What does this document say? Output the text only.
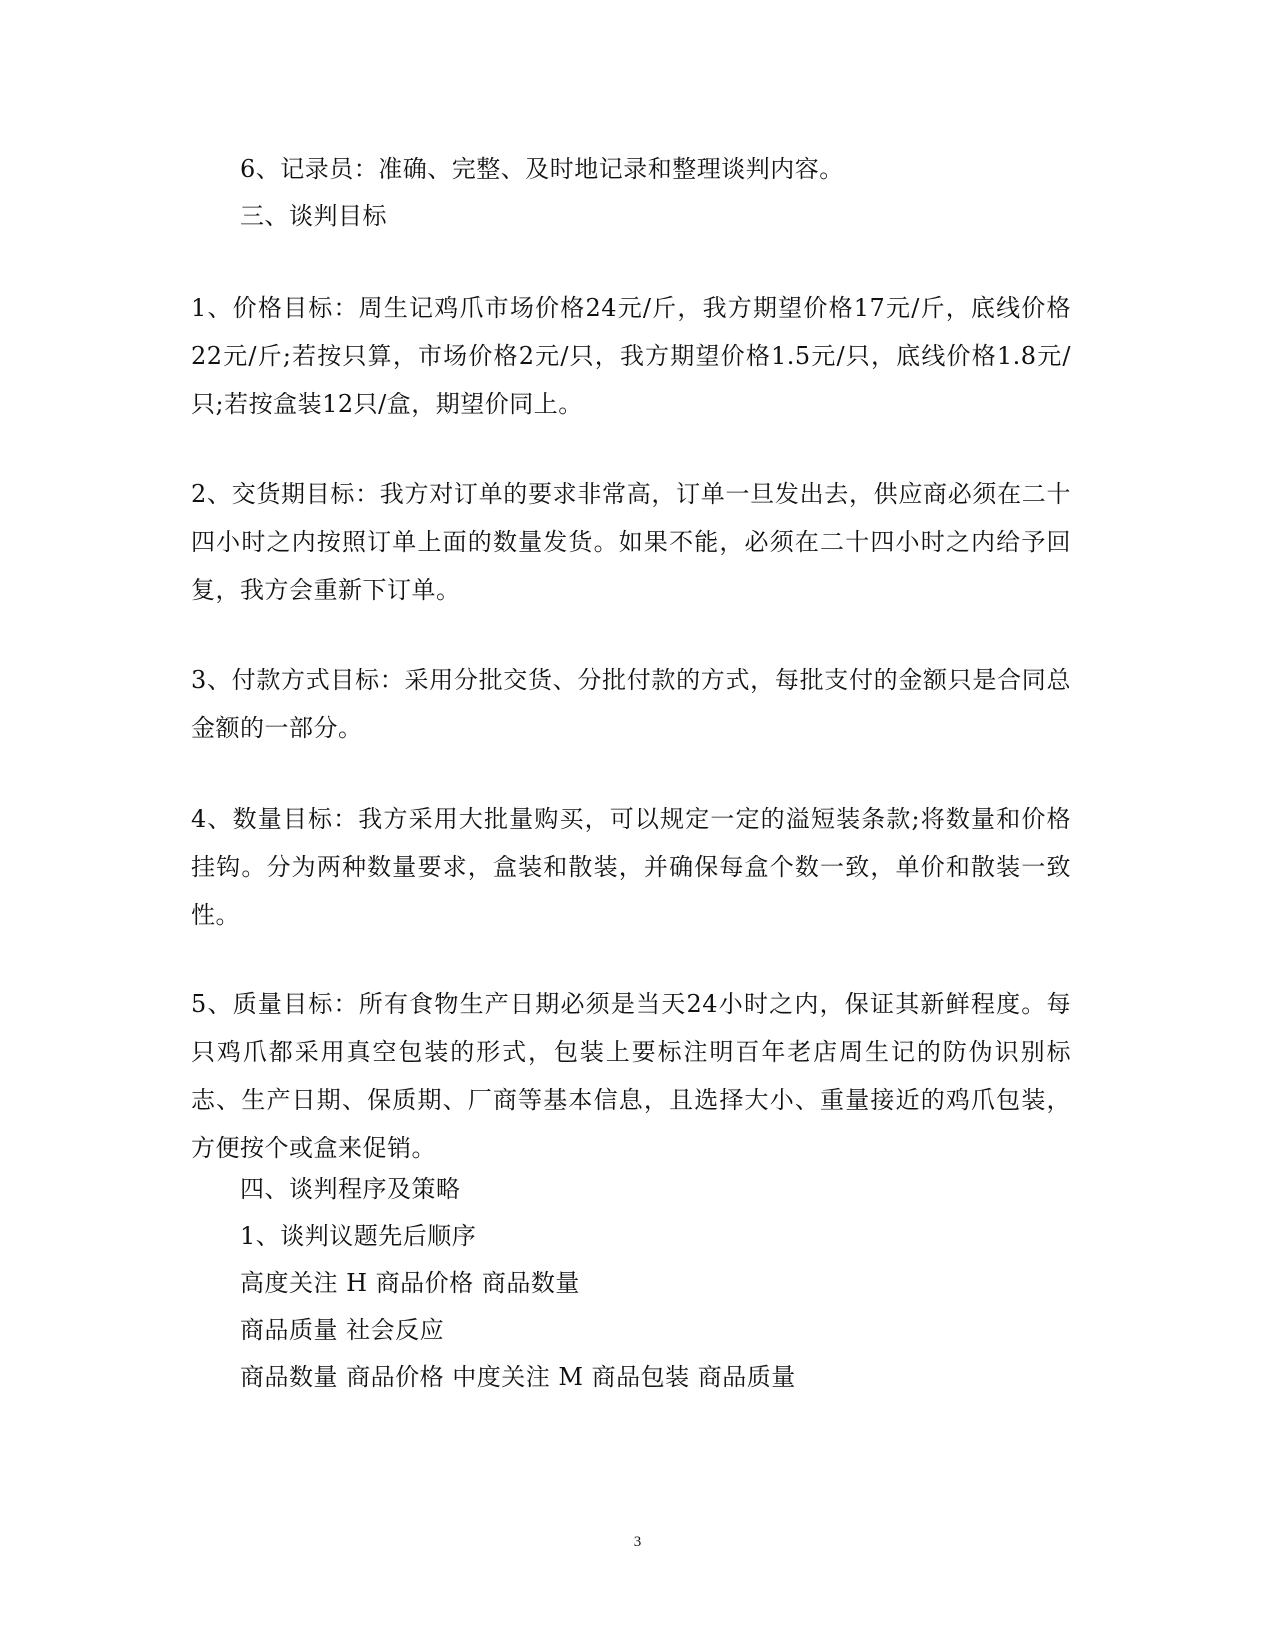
6、记录员：准确、完整、及时地记录和整理谈判内容。
三、谈判目标
1、价格目标：周生记鸡爪市场价格24元/斤，我方期望价格17元/斤，底线价格22元/斤;若按只算，市场价格2元/只，我方期望价格1.5元/只，底线价格1.8元/只;若按盒装12只/盒，期望价同上。
2、交货期目标：我方对订单的要求非常高，订单一旦发出去，供应商必须在二十四小时之内按照订单上面的数量发货。如果不能，必须在二十四小时之内给予回复，我方会重新下订单。
3、付款方式目标：采用分批交货、分批付款的方式，每批支付的金额只是合同总金额的一部分。
4、数量目标：我方采用大批量购买，可以规定一定的溢短装条款;将数量和价格挂钩。分为两种数量要求，盒装和散装，并确保每盒个数一致，单价和散装一致性。
5、质量目标：所有食物生产日期必须是当天24小时之内，保证其新鲜程度。每只鸡爪都采用真空包装的形式，包装上要标注明百年老店周生记的防伪识别标志、生产日期、保质期、厂商等基本信息，且选择大小、重量接近的鸡爪包装，方便按个或盒来促销。
四、谈判程序及策略
1、谈判议题先后顺序
高度关注 H 商品价格 商品数量
商品质量 社会反应
商品数量 商品价格 中度关注 M 商品包装 商品质量
3
